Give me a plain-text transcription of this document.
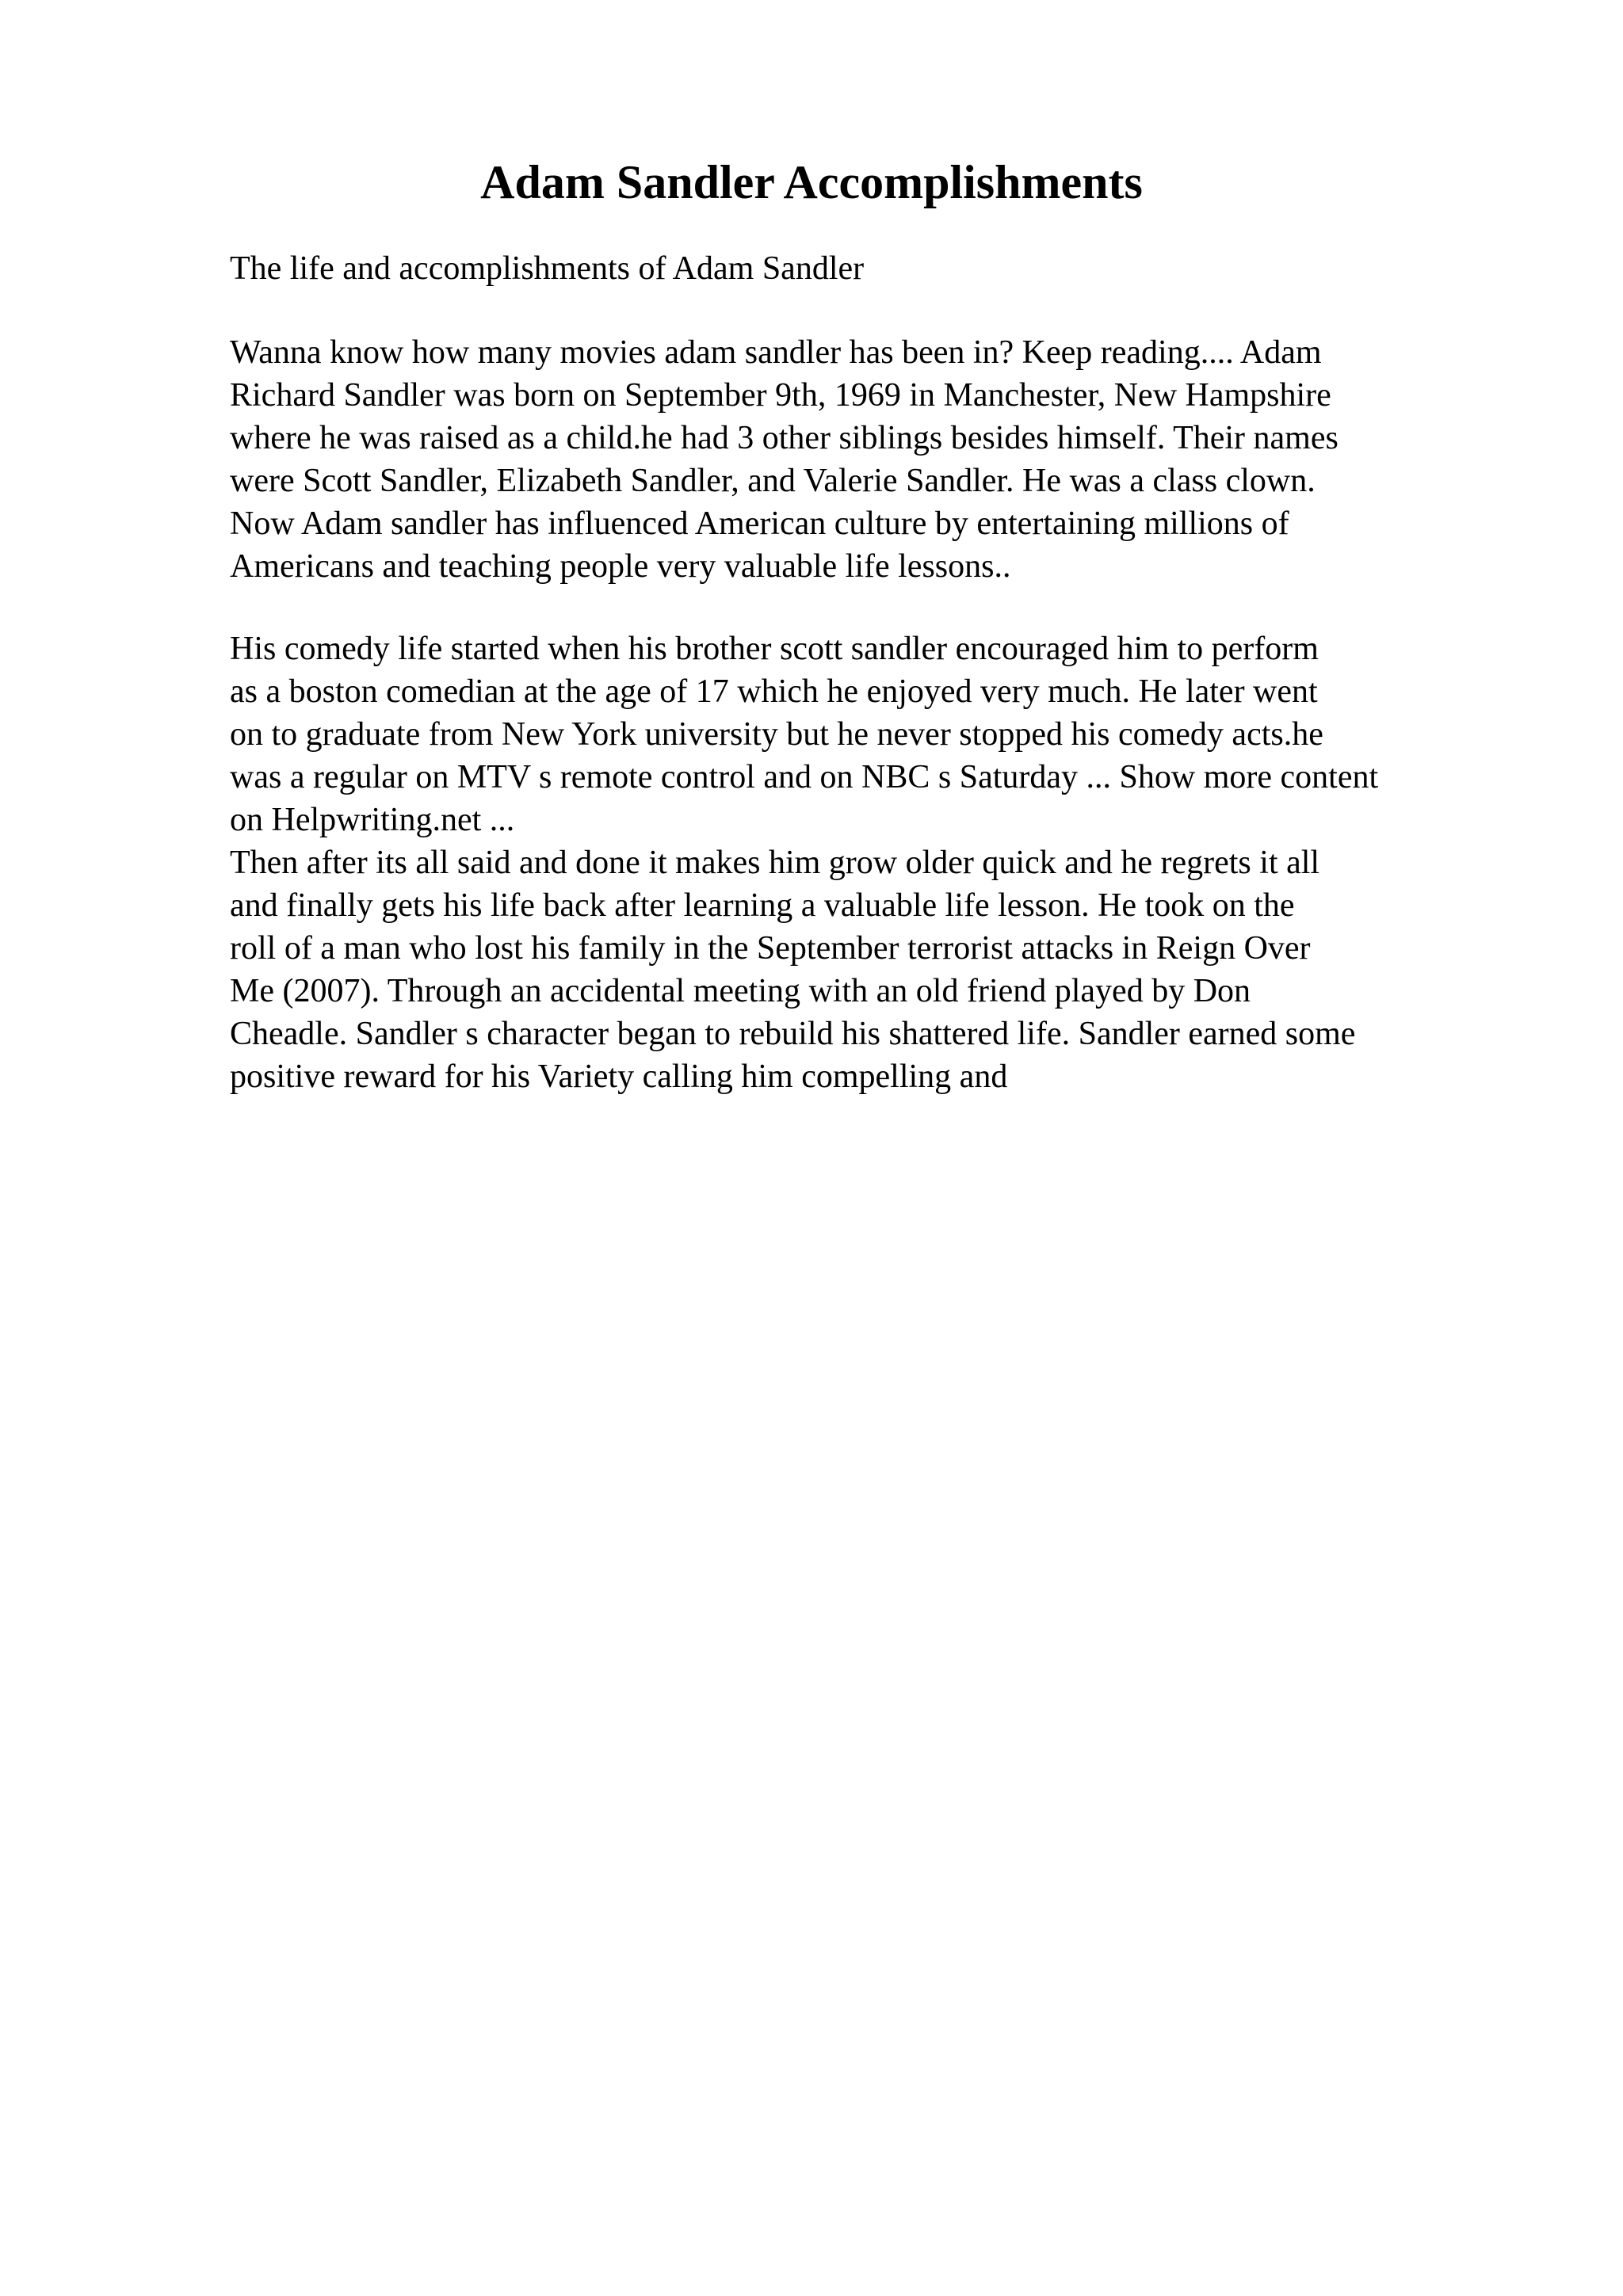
Adam Sandler Accomplishments

The life and accomplishments of Adam Sandler

Wanna know how many movies adam sandler has been in? Keep reading.... Adam
Richard Sandler was born on September 9th, 1969 in Manchester, New Hampshire
where he was raised as a child.he had 3 other siblings besides himself. Their names
were Scott Sandler, Elizabeth Sandler, and Valerie Sandler. He was a class clown.
Now Adam sandler has influenced American culture by entertaining millions of
Americans and teaching people very valuable life lessons..

His comedy life started when his brother scott sandler encouraged him to perform
as a boston comedian at the age of 17 which he enjoyed very much. He later went
on to graduate from New York university but he never stopped his comedy acts.he
was a regular on MTV s remote control and on NBC s Saturday ... Show more content
on Helpwriting.net ...

Then after its all said and done it makes him grow older quick and he regrets it all
and finally gets his life back after learning a valuable life lesson. He took on the
roll of a man who lost his family in the September terrorist attacks in Reign Over
Me (2007). Through an accidental meeting with an old friend played by Don
Cheadle. Sandler s character began to rebuild his shattered life. Sandler earned some
positive reward for his Variety calling him compelling and
